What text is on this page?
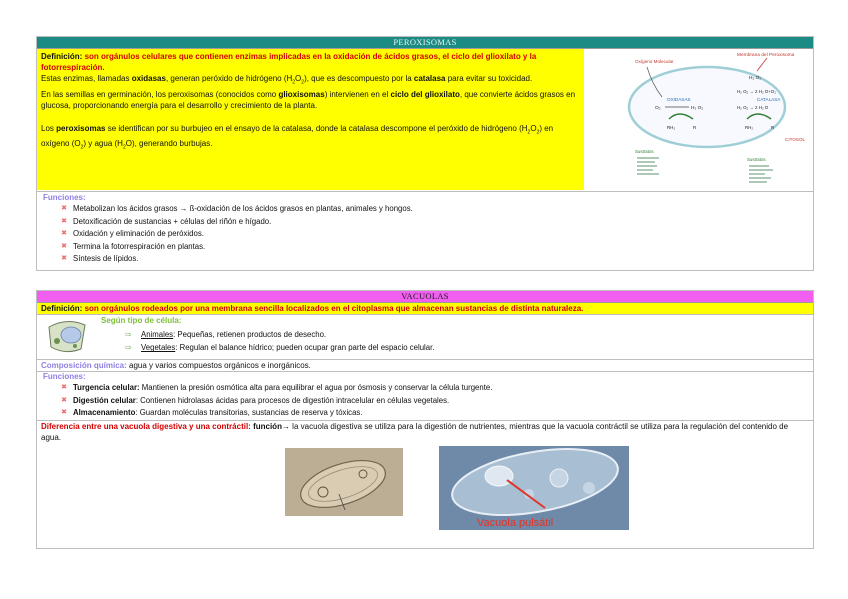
PEROXISOMAS
Definición: son orgánulos celulares que contienen enzimas implicadas en la oxidación de ácidos grasos, el ciclo del glioxilato y la fotorrespiración.
Estas enzimas, llamadas oxidasas, generan peróxido de hidrógeno $(H_2O_2)$, que es descompuesto por la catalasa para evitar su toxicidad.
En las semillas en germinación, los peroxisomas (conocidos como glioxisomas) intervienen en el ciclo del glioxilato, que convierte ácidos grasos en glucosa, proporcionando energía para el desarrollo y crecimiento de la planta.
Los peroxisomas se identifican por su burbujeo en el ensayo de la catalasa, donde la catalasa descompone el peróxido de hidrógeno $(H_2O_2)$ en oxígeno $(O_2)$ y agua $(H_2O)$, generando burbujas.
Membrana del Peroxisoma
Oxígeno Molecular
O₂	H₂ O₂
OXIDASAS
H₂ O₂
H₂ O₂ → 2 H₂ O+O₂
CATALASA
H₂ O₂ → 2 H₂ O
RH₂	R	RH₂	R
CITOSOL
Sustratos
Sustratos
Funciones:
✖ Metabolizan los ácidos grasos → ß-oxidación de los ácidos grasos en plantas, animales y hongos.
✖ Detoxificación de sustancias + células del riñón e hígado.
✖ Oxidación y eliminación de peróxidos.
✖ Termina la fotorrespiración en plantas.
✖ Síntesis de lípidos.
VACUOLAS
Definición: son orgánulos rodeados por una membrana sencilla localizados en el citoplasma que almacenan sustancias de distinta naturaleza.
Según tipo de célula:
⇨ Animales: Pequeñas, retienen productos de desecho.
⇨ Vegetales: Regulan el balance hídrico; pueden ocupar gran parte del espacio celular.
Composición química: agua y varios compuestos orgánicos e inorgánicos.
Funciones:
✖ Turgencia celular: Mantienen la presión osmótica alta para equilibrar el agua por ósmosis y conservar la célula turgente.
✖ Digestión celular: Contienen hidrolasas ácidas para procesos de digestión intracelular en células vegetales.
✖ Almacenamiento: Guardan moléculas transitorias, sustancias de reserva y tóxicas.
Diferencia entre una vacuola digestiva y una contráctil: función→ la vacuola digestiva se utiliza para la digestión de nutrientes, mientras que la vacuola contráctil se utiliza para la regulación del contenido de agua.
Vacuola pulsátil
